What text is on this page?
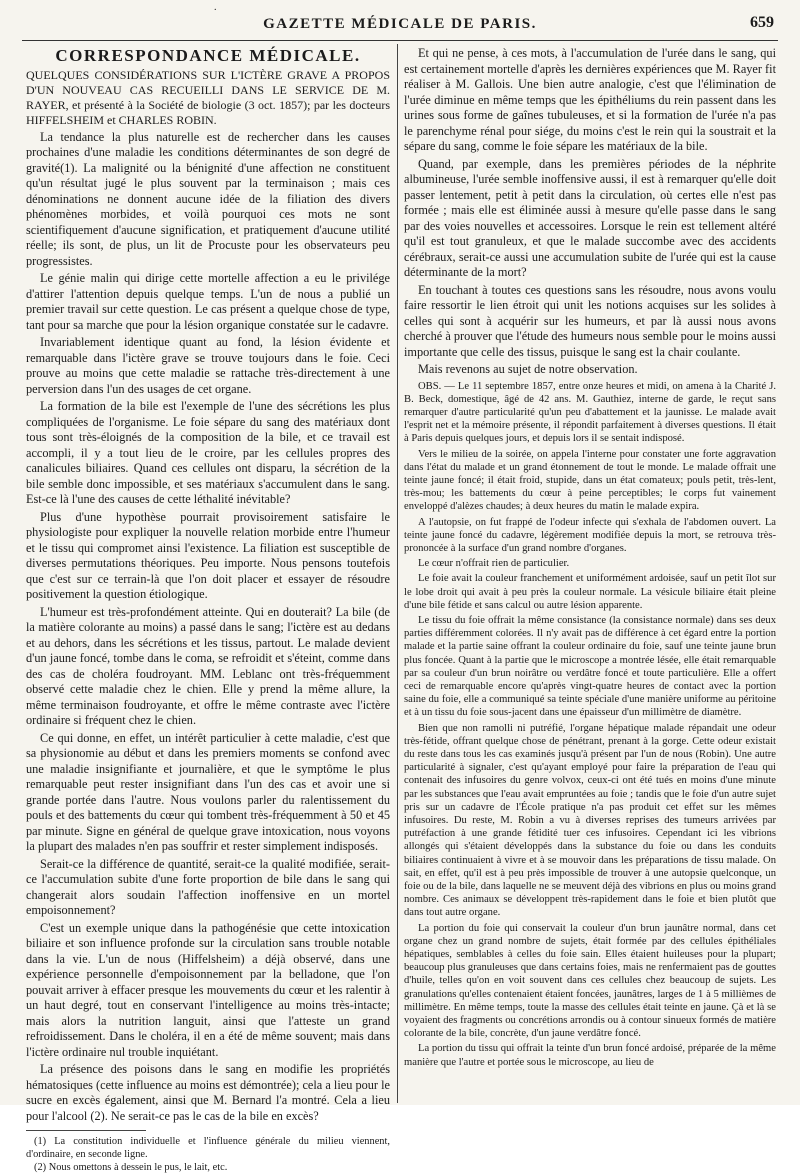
.
GAZETTE MÉDICALE DE PARIS.	659
CORRESPONDANCE MÉDICALE.

QUELQUES CONSIDÉRATIONS SUR L'ICTÈRE GRAVE A PROPOS D'UN NOUVEAU CAS RECUEILLI DANS LE SERVICE DE M. RAYER, et présenté à la Société de biologie (3 oct. 1857); par les docteurs HIFFELSHEIM et CHARLES ROBIN.

La tendance la plus naturelle est de rechercher dans les causes prochaines d'une maladie les conditions déterminantes de son degré de gravité(1). La malignité ou la bénignité d'une affection ne constituent qu'un résultat jugé le plus souvent par la terminaison ; mais ces dénominations ne donnent aucune idée de la filiation des divers phénomènes morbides, et voilà pourquoi ces mots ne sont scientifiquement d'aucune signification, et pratiquement d'aucune utilité réelle; ils sont, de plus, un lit de Procuste pour les observateurs peu progressistes.

Le génie malin qui dirige cette mortelle affection a eu le privilége d'attirer l'attention depuis quelque temps. L'un de nous a publié un premier travail sur cette question. Le cas présent a quelque chose de type, tant pour sa marche que pour la lésion organique constatée sur le cadavre.

Invariablement identique quant au fond, la lésion évidente et remarquable dans l'ictère grave se trouve toujours dans le foie. Ceci prouve au moins que cette maladie se rattache très-directement à une perversion dans l'un des usages de cet organe.

La formation de la bile est l'exemple de l'une des sécrétions les plus compliquées de l'organisme. Le foie sépare du sang des matériaux dont tous sont très-éloignés de la composition de la bile, et ce travail est accompli, il y a tout lieu de le croire, par les cellules propres des canalicules biliaires. Quand ces cellules ont disparu, la sécrétion de la bile semble donc impossible, et ses matériaux s'accumulent dans le sang. Est-ce là l'une des causes de cette léthalité inévitable?

Plus d'une hypothèse pourrait provisoirement satisfaire le physiologiste pour expliquer la nouvelle relation morbide entre l'humeur et le tissu qui compromet ainsi l'existence. La filiation est susceptible de diverses permutations théoriques. Peu importe. Nous pensons toutefois que c'est sur ce terrain-là que l'on doit placer et essayer de résoudre positivement la question étiologique.

L'humeur est très-profondément atteinte. Qui en douterait? La bile (de la matière colorante au moins) a passé dans le sang; l'ictère est au dedans et au dehors, dans les sécrétions et les tissus, partout. Le malade devient d'un jaune foncé, tombe dans le coma, se refroidit et s'éteint, comme dans des cas de choléra foudroyant. MM. Leblanc ont très-fréquemment observé cette maladie chez le chien. Elle y prend la même allure, la même terminaison foudroyante, et offre le même contraste avec l'ictère ordinaire si fréquent chez le chien.

Ce qui donne, en effet, un intérêt particulier à cette maladie, c'est que sa physionomie au début et dans les premiers moments se confond avec une maladie insignifiante et journalière, et que le symptôme le plus remarquable peut rester insignifiant dans l'un des cas et avoir une si grande portée dans l'autre. Nous voulons parler du ralentissement du pouls et des battements du cœur qui tombent très-fréquemment à 50 et 45 par minute. Signe en général de quelque grave intoxication, nous voyons la plupart des malades n'en pas souffrir et rester simplement indisposés.

Serait-ce la différence de quantité, serait-ce la qualité modifiée, serait-ce l'accumulation subite d'une forte proportion de bile dans le sang qui changerait alors soudain l'affection inoffensive en un mortel empoisonnement?

C'est un exemple unique dans la pathogénésie que cette intoxication biliaire et son influence profonde sur la circulation sans trouble notable dans la vie. L'un de nous (Hiffelsheim) a déjà observé, dans une expérience personnelle d'empoisonnement par la belladone, que l'on pouvait arriver à effacer presque les mouvements du cœur et les ralentir à un haut degré, tout en conservant l'intelligence au moins très-intacte; mais alors la nutrition languit, ainsi que l'atteste un grand refroidissement. Dans le choléra, il en a été de même souvent; mais dans l'ictère ordinaire nul trouble inquiétant.

La présence des poisons dans le sang en modifie les propriétés hématosiques (cette influence au moins est démontrée); cela a lieu pour le sucre en excès également, ainsi que M. Bernard l'a montré. Cela a lieu pour l'alcool (2). Ne serait-ce pas le cas de la bile en excès?

(1) La constitution individuelle et l'influence générale du milieu viennent, d'ordinaire, en seconde ligne.

(2) Nous omettons à dessein le pus, le lait, etc.

Et qui ne pense, à ces mots, à l'accumulation de l'urée dans le sang, qui est certainement mortelle d'après les dernières expériences que M. Rayer fit réaliser à M. Gallois. Une bien autre analogie, c'est que l'élimination de l'urée diminue en même temps que les épithéliums du rein passent dans les urines sous forme de gaînes tubuleuses, et si la formation de l'urée n'a pas le parenchyme rénal pour siége, du moins c'est le rein qui la soustrait et la sépare du sang, comme le foie sépare les matériaux de la bile.

Quand, par exemple, dans les premières périodes de la néphrite albumineuse, l'urée semble inoffensive aussi, il est à remarquer qu'elle doit passer lentement, petit à petit dans la circulation, où certes elle n'est pas formée ; mais elle est éliminée aussi à mesure qu'elle passe dans le sang par des voies nouvelles et accessoires. Lorsque le rein est tellement altéré qu'il est tout granuleux, et que le malade succombe avec des accidents cérébraux, serait-ce aussi une accumulation subite de l'urée qui est la cause déterminante de la mort?

En touchant à toutes ces questions sans les résoudre, nous avons voulu faire ressortir le lien étroit qui unit les notions acquises sur les solides à celles qui sont à acquérir sur les humeurs, et par là aussi nous avons cherché à prouver que l'étude des humeurs nous semble pour le moins aussi importante que celle des tissus, puisque le sang est la chair coulante.

Mais revenons au sujet de notre observation.

OBS. — Le 11 septembre 1857, entre onze heures et midi, on amena à la Charité J. B. Beck, domestique, âgé de 42 ans. M. Gauthiez, interne de garde, le reçut sans remarquer d'autre particularité qu'un peu d'abattement et la jaunisse. Le malade avait l'esprit net et la mémoire présente, il répondit parfaitement à diverses questions. Il était à Paris depuis quelques jours, et depuis lors il se sentait indisposé.

Vers le milieu de la soirée, on appela l'interne pour constater une forte aggravation dans l'état du malade et un grand étonnement de tout le monde. Le malade offrait une teinte jaune foncé; il était froid, stupide, dans un état comateux; pouls petit, très-lent, très-mou; les battements du cœur à peine perceptibles; le corps fut vainement enveloppé d'alèzes chaudes; à deux heures du matin le malade expira.

A l'autopsie, on fut frappé de l'odeur infecte qui s'exhala de l'abdomen ouvert. La teinte jaune foncé du cadavre, légèrement modifiée depuis la mort, se retrouva très-prononcée à la surface d'un grand nombre d'organes.

Le cœur n'offrait rien de particulier.

Le foie avait la couleur franchement et uniformément ardoisée, sauf un petit îlot sur le lobe droit qui avait à peu près la couleur normale. La vésicule biliaire était pleine d'une bile fétide et sans calcul ou autre lésion apparente.

Le tissu du foie offrait la même consistance (la consistance normale) dans ses deux parties différemment colorées. Il n'y avait pas de différence à cet égard entre la portion malade et la partie saine offrant la couleur ordinaire du foie, sauf une teinte jaune brun plus foncée. Quant à la partie que le microscope a montrée lésée, elle était remarquable par sa couleur d'un brun noirâtre ou verdâtre foncé et toute particulière. Elle a offert ceci de remarquable encore qu'après vingt-quatre heures de contact avec la portion saine du foie, elle a communiqué sa teinte spéciale d'une manière uniforme au péritoine et à un tissu du foie sous-jacent dans une épaisseur d'un millimètre de diamètre.

Bien que non ramolli ni putréfié, l'organe hépatique malade répandait une odeur très-fétide, offrant quelque chose de pénétrant, prenant à la gorge. Cette odeur existait du reste dans tous les cas examinés jusqu'à présent par l'un de nous (Robin). Une autre particularité à signaler, c'est qu'ayant employé pour faire la préparation de l'eau qui contenait des infusoires du genre volvox, ceux-ci ont été tués en moins d'une minute par les substances que l'eau avait empruntées au foie ; tandis que le foie d'un autre sujet pris sur un cadavre de l'École pratique n'a pas produit cet effet sur les mêmes infusoires. Du reste, M. Robin a vu à diverses reprises des tumeurs arrivées par putréfaction à une grande fétidité tuer ces infusoires. Cependant ici les vibrions allongés qui s'étaient développés dans la substance du foie ou dans les conduits biliaires continuaient à vivre et à se mouvoir dans les préparations de tissu malade. On sait, en effet, qu'il est à peu près impossible de trouver à une autopsie quelconque, un foie ou de la bile, dans laquelle ne se meuvent déjà des vibrions en plus ou moins grand nombre. Ces animaux se développent très-rapidement dans le foie et bien plutôt que dans tout autre organe.

La portion du foie qui conservait la couleur d'un brun jaunâtre normal, dans cet organe chez un grand nombre de sujets, était formée par des cellules épithéliales hépatiques, semblables à celles du foie sain. Elles étaient huileuses pour la plupart; beaucoup plus granuleuses que dans certains foies, mais ne renfermaient pas de gouttes d'huile, telles qu'on en voit souvent dans ces cellules chez beaucoup de sujets. Les granulations qu'elles contenaient étaient foncées, jaunâtres, larges de 1 à 5 millièmes de millimètre. En même temps, toute la masse des cellules était teinte en jaune. Çà et là se voyaient des fragments ou concrétions arrondis ou à contour sinueux formés de matière colorante de la bile, concrète, d'un jaune verdâtre foncé.

La portion du tissu qui offrait la teinte d'un brun foncé ardoisé, préparée de la même manière que l'autre et portée sous le microscope, au lieu de
